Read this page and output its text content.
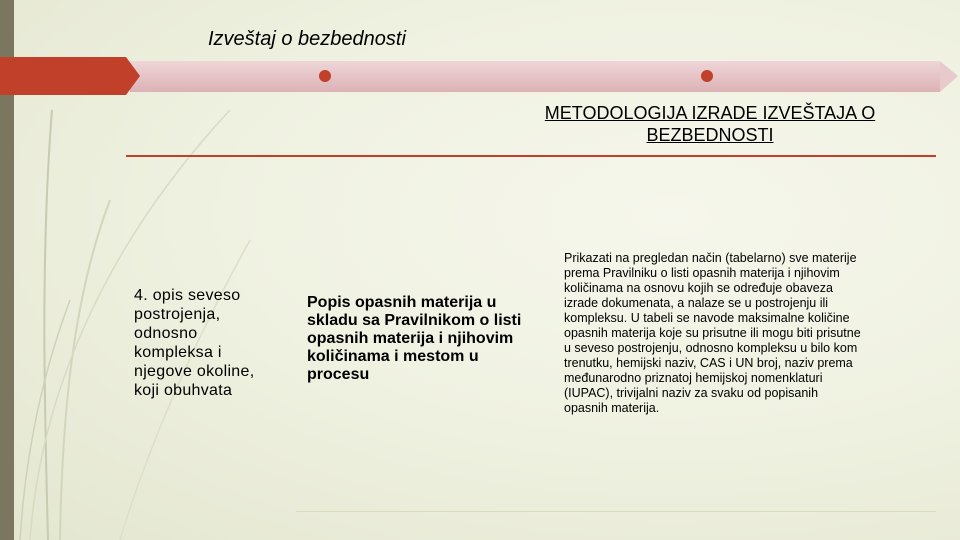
Izveštaj o bezbednosti
METODOLOGIJA IZRADE IZVEŠTAJA O BEZBEDNOSTI
4. opis seveso postrojenja, odnosno kompleksa i njegove okoline, koji obuhvata
Popis opasnih materija u skladu sa Pravilnikom o listi opasnih materija i njihovim količinama i mestom u procesu
Prikazati na pregledan način (tabelarno) sve materije prema Pravilniku o listi opasnih materija i njihovim količinama na osnovu kojih se određuje obaveza izrade dokumenata, a nalaze se u postrojenju ili kompleksu. U tabeli se navode maksimalne količine opasnih materija koje su prisutne ili mogu biti prisutne u seveso postrojenju, odnosno kompleksu u bilo kom trenutku, hemijski naziv, CAS i UN broj, naziv prema međunarodno priznatoj hemijskoj nomenklaturi (IUPAC), trivijalni naziv za svaku od popisanih opasnih materija.
